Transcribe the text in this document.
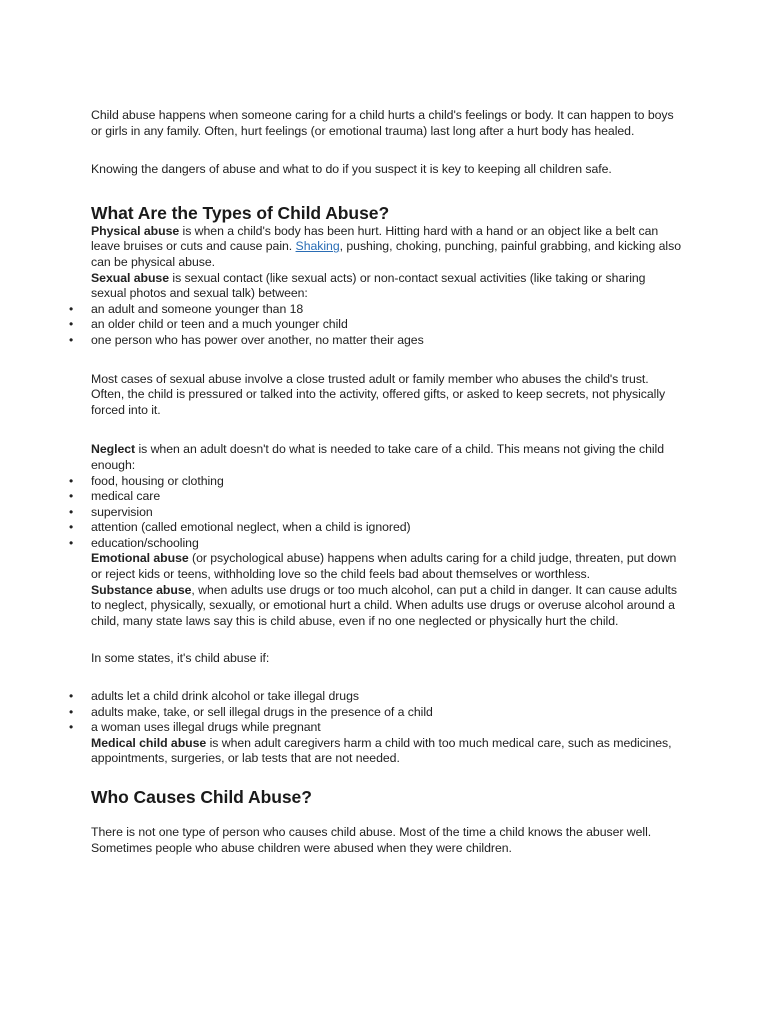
Child abuse happens when someone caring for a child hurts a child's feelings or body. It can happen to boys or girls in any family. Often, hurt feelings (or emotional trauma) last long after a hurt body has healed.

Knowing the dangers of abuse and what to do if you suspect it is key to keeping all children safe.

What Are the Types of Child Abuse?

Physical abuse is when a child's body has been hurt. Hitting hard with a hand or an object like a belt can leave bruises or cuts and cause pain. Shaking, pushing, choking, punching, painful grabbing, and kicking also can be physical abuse.

Sexual abuse is sexual contact (like sexual acts) or non-contact sexual activities (like taking or sharing sexual photos and sexual talk) between:

• an adult and someone younger than 18
• an older child or teen and a much younger child
• one person who has power over another, no matter their ages

Most cases of sexual abuse involve a close trusted adult or family member who abuses the child's trust. Often, the child is pressured or talked into the activity, offered gifts, or asked to keep secrets, not physically forced into it.

Neglect is when an adult doesn't do what is needed to take care of a child. This means not giving the child enough:

• food, housing or clothing
• medical care
• supervision
• attention (called emotional neglect, when a child is ignored)
• education/schooling

Emotional abuse (or psychological abuse) happens when adults caring for a child judge, threaten, put down or reject kids or teens, withholding love so the child feels bad about themselves or worthless.

Substance abuse, when adults use drugs or too much alcohol, can put a child in danger. It can cause adults to neglect, physically, sexually, or emotional hurt a child. When adults use drugs or overuse alcohol around a child, many state laws say this is child abuse, even if no one neglected or physically hurt the child.

In some states, it's child abuse if:

• adults let a child drink alcohol or take illegal drugs
• adults make, take, or sell illegal drugs in the presence of a child
• a woman uses illegal drugs while pregnant

Medical child abuse is when adult caregivers harm a child with too much medical care, such as medicines, appointments, surgeries, or lab tests that are not needed.

Who Causes Child Abuse?

There is not one type of person who causes child abuse. Most of the time a child knows the abuser well. Sometimes people who abuse children were abused when they were children.
